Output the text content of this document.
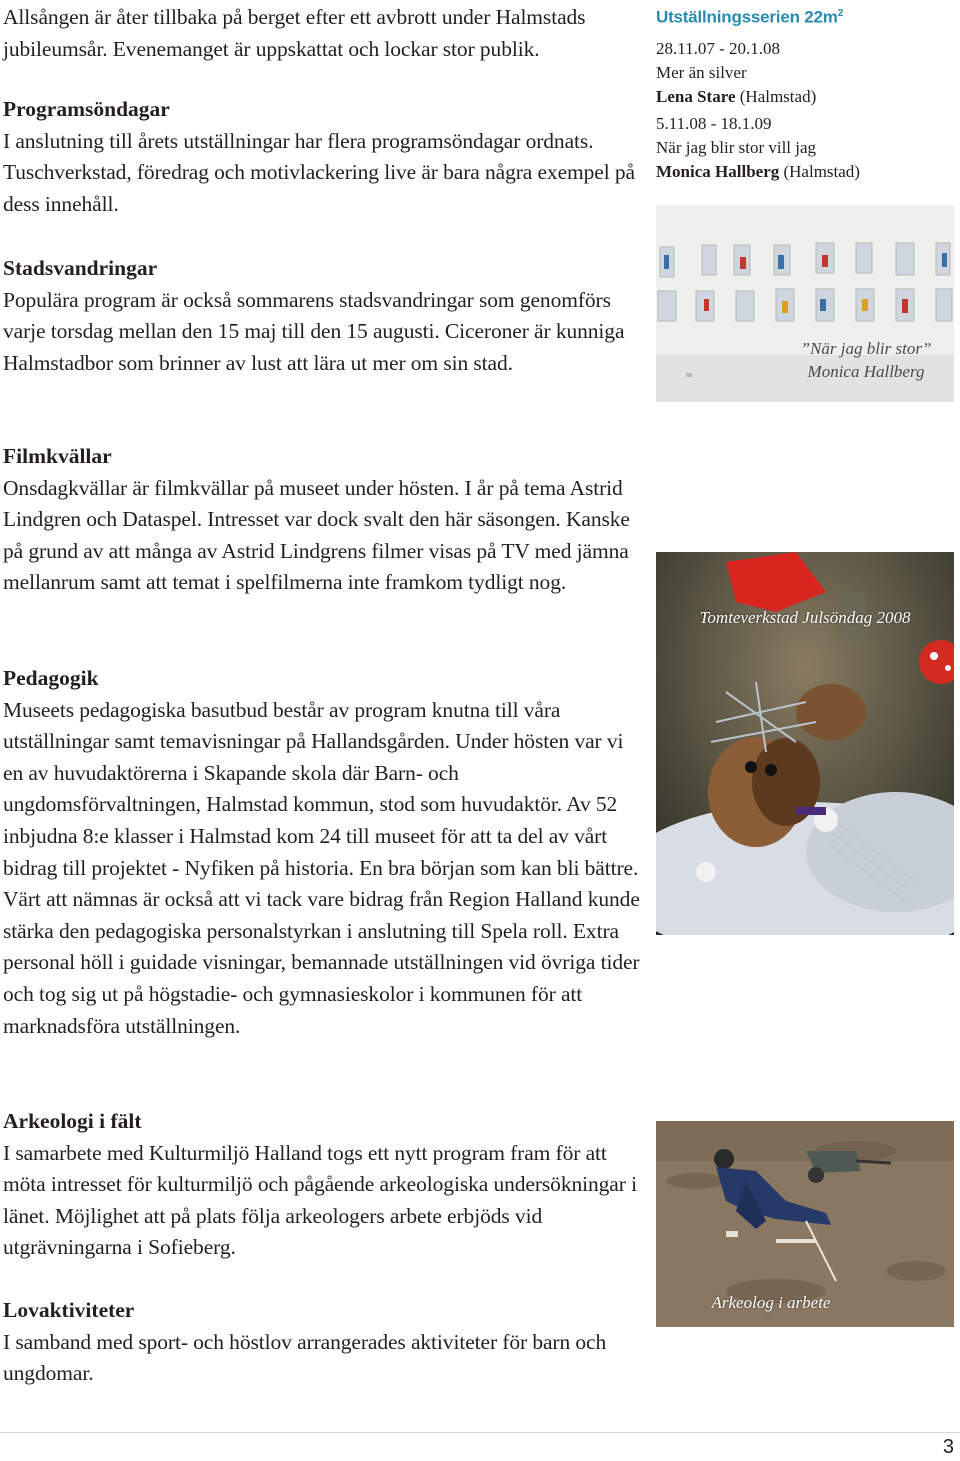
Allsången är åter tillbaka på berget efter ett avbrott under Halmstads jubileumsår. Evenemanget är uppskattat och lockar stor publik.

Programsöndagar

I anslutning till årets utställningar har flera programsöndagar ordnats. Tuschverkstad, föredrag och motivlackering live är bara några exempel på dess innehåll.

Stadsvandringar

Populära program är också sommarens stadsvandringar som genomförs varje torsdag mellan den 15 maj till den 15 augusti. Ciceroner är kunniga Halmstadbor som brinner av lust att lära ut mer om sin stad.

Filmkvällar

Onsdagkvällar är filmkvällar på museet under hösten. I år på tema Astrid Lindgren och Dataspel. Intresset var dock svalt den här säsongen. Kanske på grund av att många av Astrid Lindgrens filmer visas på TV med jämna mellanrum samt att temat i spelfilmerna inte framkom tydligt nog.

Pedagogik

Museets pedagogiska basutbud består av program knutna till våra utställningar samt temavisningar på Hallandsgården. Under hösten var vi en av huvudaktörerna i Skapande skola där Barn- och ungdomsförvaltningen, Halmstad kommun, stod som huvudaktör. Av 52 inbjudna 8:e klasser i Halmstad kom 24 till museet för att ta del av vårt bidrag till projektet - Nyfiken på historia. En bra början som kan bli bättre. Värt att nämnas är också att vi tack vare bidrag från Region Halland kunde stärka den pedagogiska personalstyrkan i anslutning till Spela roll. Extra personal höll i guidade visningar, bemannade utställningen vid övriga tider och tog sig ut på högstadie- och gymnasieskolor i kommunen för att marknadsföra utställningen.

Arkeologi i fält

I samarbete med Kulturmiljö Halland togs ett nytt program fram för att möta intresset för kulturmiljö och pågående arkeologiska undersökningar i länet. Möjlighet att på plats följa arkeologers arbete erbjöds vid utgrävningarna i Sofieberg.

Lovaktiviteter

I samband med sport- och höstlov arrangerades aktiviteter för barn och ungdomar.

Utställningsserien $22m^2$

28.11.07 - 20.1.08

Mer än silver

Lena Stare (Halmstad)

5.11.08 - 18.1.09

När jag blir stor vill jag

Monica Hallberg (Halmstad)

”När jag blir stor”
Monica Hallberg
Tomteverkstad Julsöndag 2008
Arkeolog i arbete
3
